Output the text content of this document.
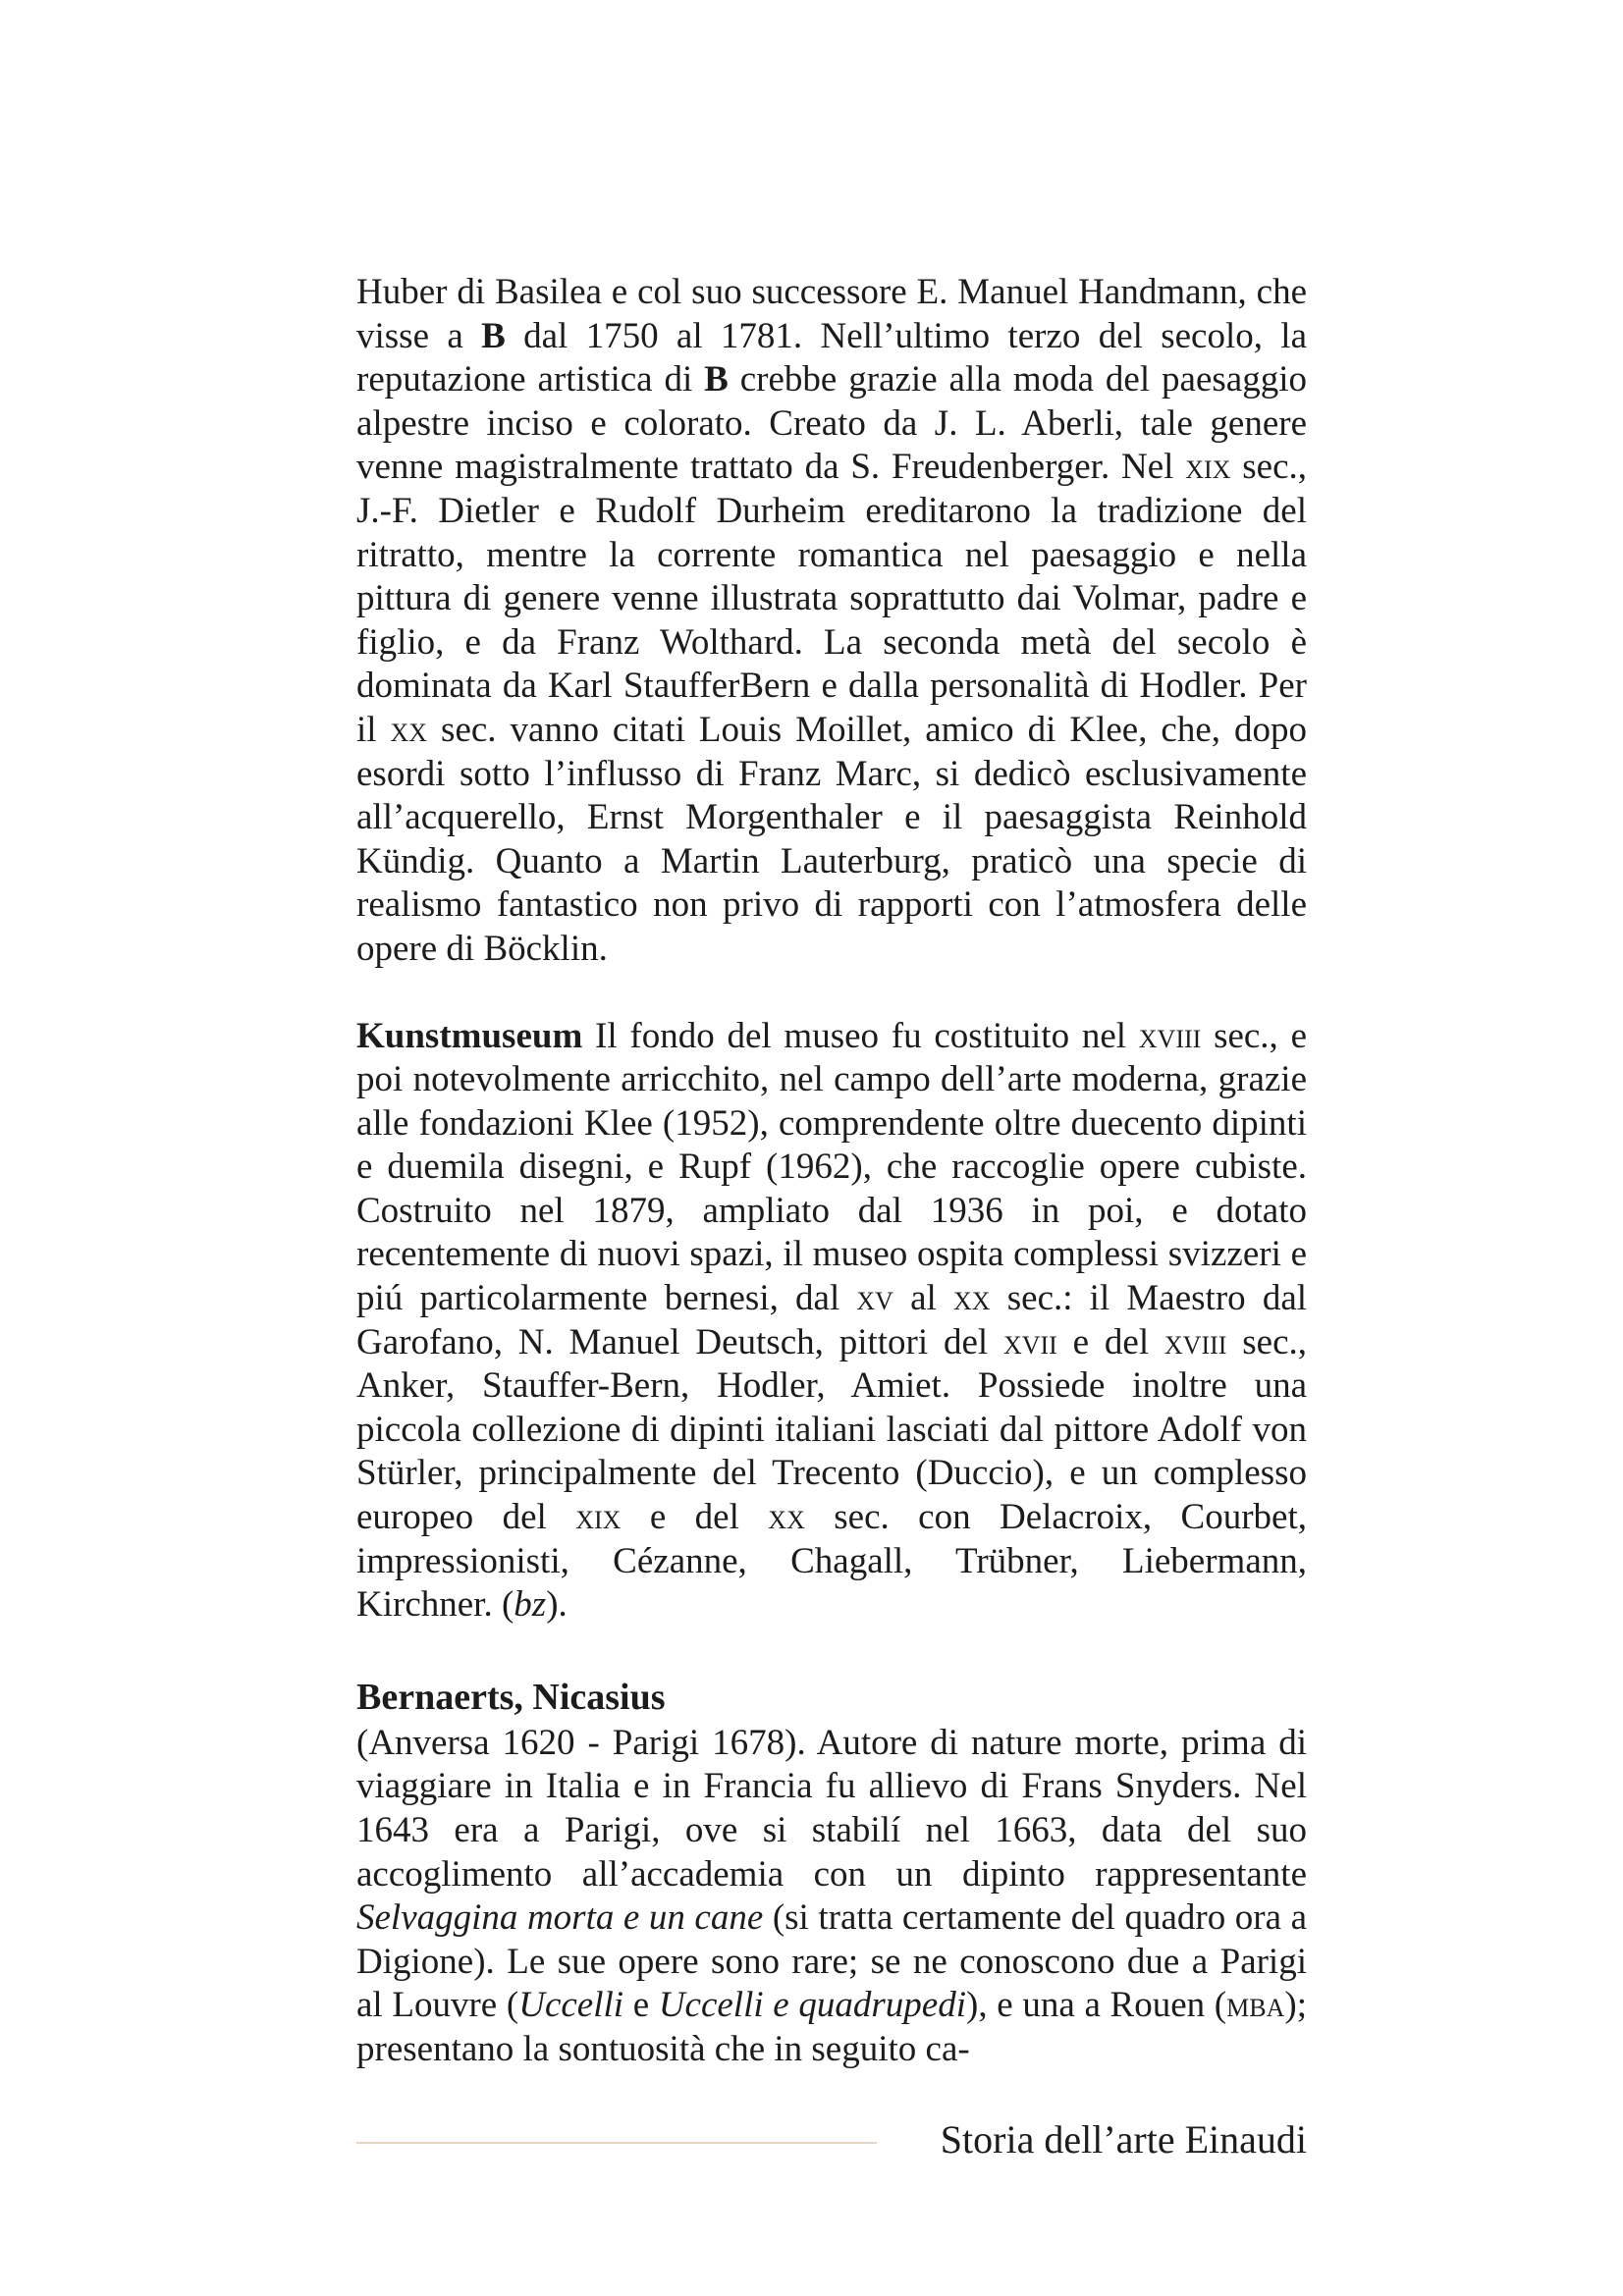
Huber di Basilea e col suo successore E. Manuel Handmann, che visse a B dal 1750 al 1781. Nell’ultimo terzo del secolo, la reputazione artistica di B crebbe grazie alla moda del paesaggio alpestre inciso e colorato. Creato da J. L. Aberli, tale genere venne magistralmente trattato da S. Freudenberger. Nel xix sec., J.-F. Dietler e Rudolf Durheim ereditarono la tradizione del ritratto, mentre la corrente romantica nel paesaggio e nella pittura di genere venne illustrata soprattutto dai Volmar, padre e figlio, e da Franz Wolthard. La seconda metà del secolo è dominata da Karl StaufferBern e dalla personalità di Hodler. Per il xx sec. vanno citati Louis Moillet, amico di Klee, che, dopo esordi sotto l’influsso di Franz Marc, si dedicò esclusivamente all’acquerello, Ernst Morgenthaler e il paesaggista Reinhold Kündig. Quanto a Martin Lauterburg, praticò una specie di realismo fantastico non privo di rapporti con l’atmosfera delle opere di Böcklin.

Kunstmuseum Il fondo del museo fu costituito nel xviii sec., e poi notevolmente arricchito, nel campo dell’arte moderna, grazie alle fondazioni Klee (1952), comprendente oltre duecento dipinti e duemila disegni, e Rupf (1962), che raccoglie opere cubiste. Costruito nel 1879, ampliato dal 1936 in poi, e dotato recentemente di nuovi spazi, il museo ospita complessi svizzeri e piú particolarmente bernesi, dal xv al xx sec.: il Maestro dal Garofano, N. Manuel Deutsch, pittori del xvii e del xviii sec., Anker, Stauffer-Bern, Hodler, Amiet. Possiede inoltre una piccola collezione di dipinti italiani lasciati dal pittore Adolf von Stürler, principalmente del Trecento (Duccio), e un complesso europeo del xix e del xx sec. con Delacroix, Courbet, impressionisti, Cézanne, Chagall, Trübner, Liebermann, Kirchner. (bz).

Bernaerts, Nicasius

(Anversa 1620 - Parigi 1678). Autore di nature morte, prima di viaggiare in Italia e in Francia fu allievo di Frans Snyders. Nel 1643 era a Parigi, ove si stabilí nel 1663, data del suo accoglimento all’accademia con un dipinto rappresentante Selvaggina morta e un cane (si tratta certamente del quadro ora a Digione). Le sue opere sono rare; se ne conoscono due a Parigi al Louvre (Uccelli e Uccelli e quadrupedi), e una a Rouen (mba); presentano la sontuosità che in seguito ca-

Storia dell’arte Einaudi
